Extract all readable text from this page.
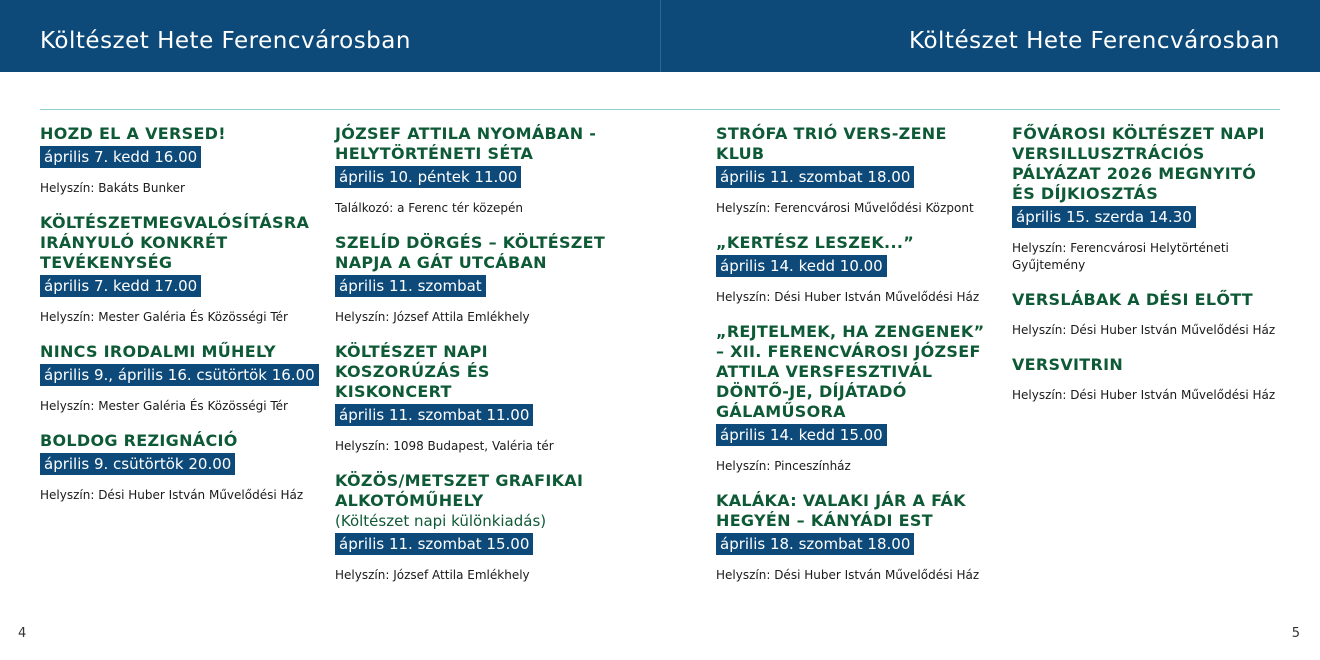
Költészet Hete Ferencvárosban	Költészet Hete Ferencvárosban
HOZD EL A VERSED!
április 7. kedd 16.00
Helyszín: Bakáts Bunker
KÖLTÉSZETMEGVALÓSÍTÁSRA IRÁNYULÓ KONKRÉT TEVÉKENYSÉG
április 7. kedd 17.00
Helyszín: Mester Galéria És Közösségi Tér
NINCS IRODALMI MŰHELY
április 9., április 16. csütörtök 16.00
Helyszín: Mester Galéria És Közösségi Tér
BOLDOG REZIGNÁCIÓ
április 9. csütörtök 20.00
Helyszín: Dési Huber István Művelődési Ház
JÓZSEF ATTILA NYOMÁBAN - HELYTÖRTÉNETI SÉTA
április 10. péntek 11.00
Találkozó: a Ferenc tér közepén
SZELÍD DÖRGÉS – KÖLTÉSZET NAPJA A GÁT UTCÁBAN
április 11. szombat
Helyszín: József Attila Emlékhely
KÖLTÉSZET NAPI KOSZORÚZÁS ÉS KISKONCERT
április 11. szombat 11.00
Helyszín: 1098 Budapest, Valéria tér
KÖZÖS/METSZET GRAFIKAI ALKOTÓMŰHELY
(Költészet napi különkiadás)
április 11. szombat 15.00
Helyszín: József Attila Emlékhely
STRÓFA TRIÓ VERS-ZENE KLUB
április 11. szombat 18.00
Helyszín: Ferencvárosi Művelődési Központ
„KERTÉSZ LESZEK...”
április 14. kedd 10.00
Helyszín: Dési Huber István Művelődési Ház
„REJTELMEK, HA ZENGENEK” – XII. FERENCVÁROSI JÓZSEF ATTILA VERSFESZTIVÁL DÖNTŐ-JE, DÍJÁTADÓ GÁLAMŰSORA
április 14. kedd 15.00
Helyszín: Pinceszínház
KALÁKA: VALAKI JÁR A FÁK HEGYÉN – KÁNYÁDI EST
április 18. szombat 18.00
Helyszín: Dési Huber István Művelődési Ház
FŐVÁROSI KÖLTÉSZET NAPI VERSILLUSZTRÁCIÓS PÁLYÁZAT 2026 MEGNYITÓ ÉS DÍJKIOSZTÁS
április 15. szerda 14.30
Helyszín: Ferencvárosi Helytörténeti Gyűjtemény
VERSLÁBAK A DÉSI ELŐTT
Helyszín: Dési Huber István Művelődési Ház
VERSVITRIN
Helyszín: Dési Huber István Művelődési Ház
4	5
